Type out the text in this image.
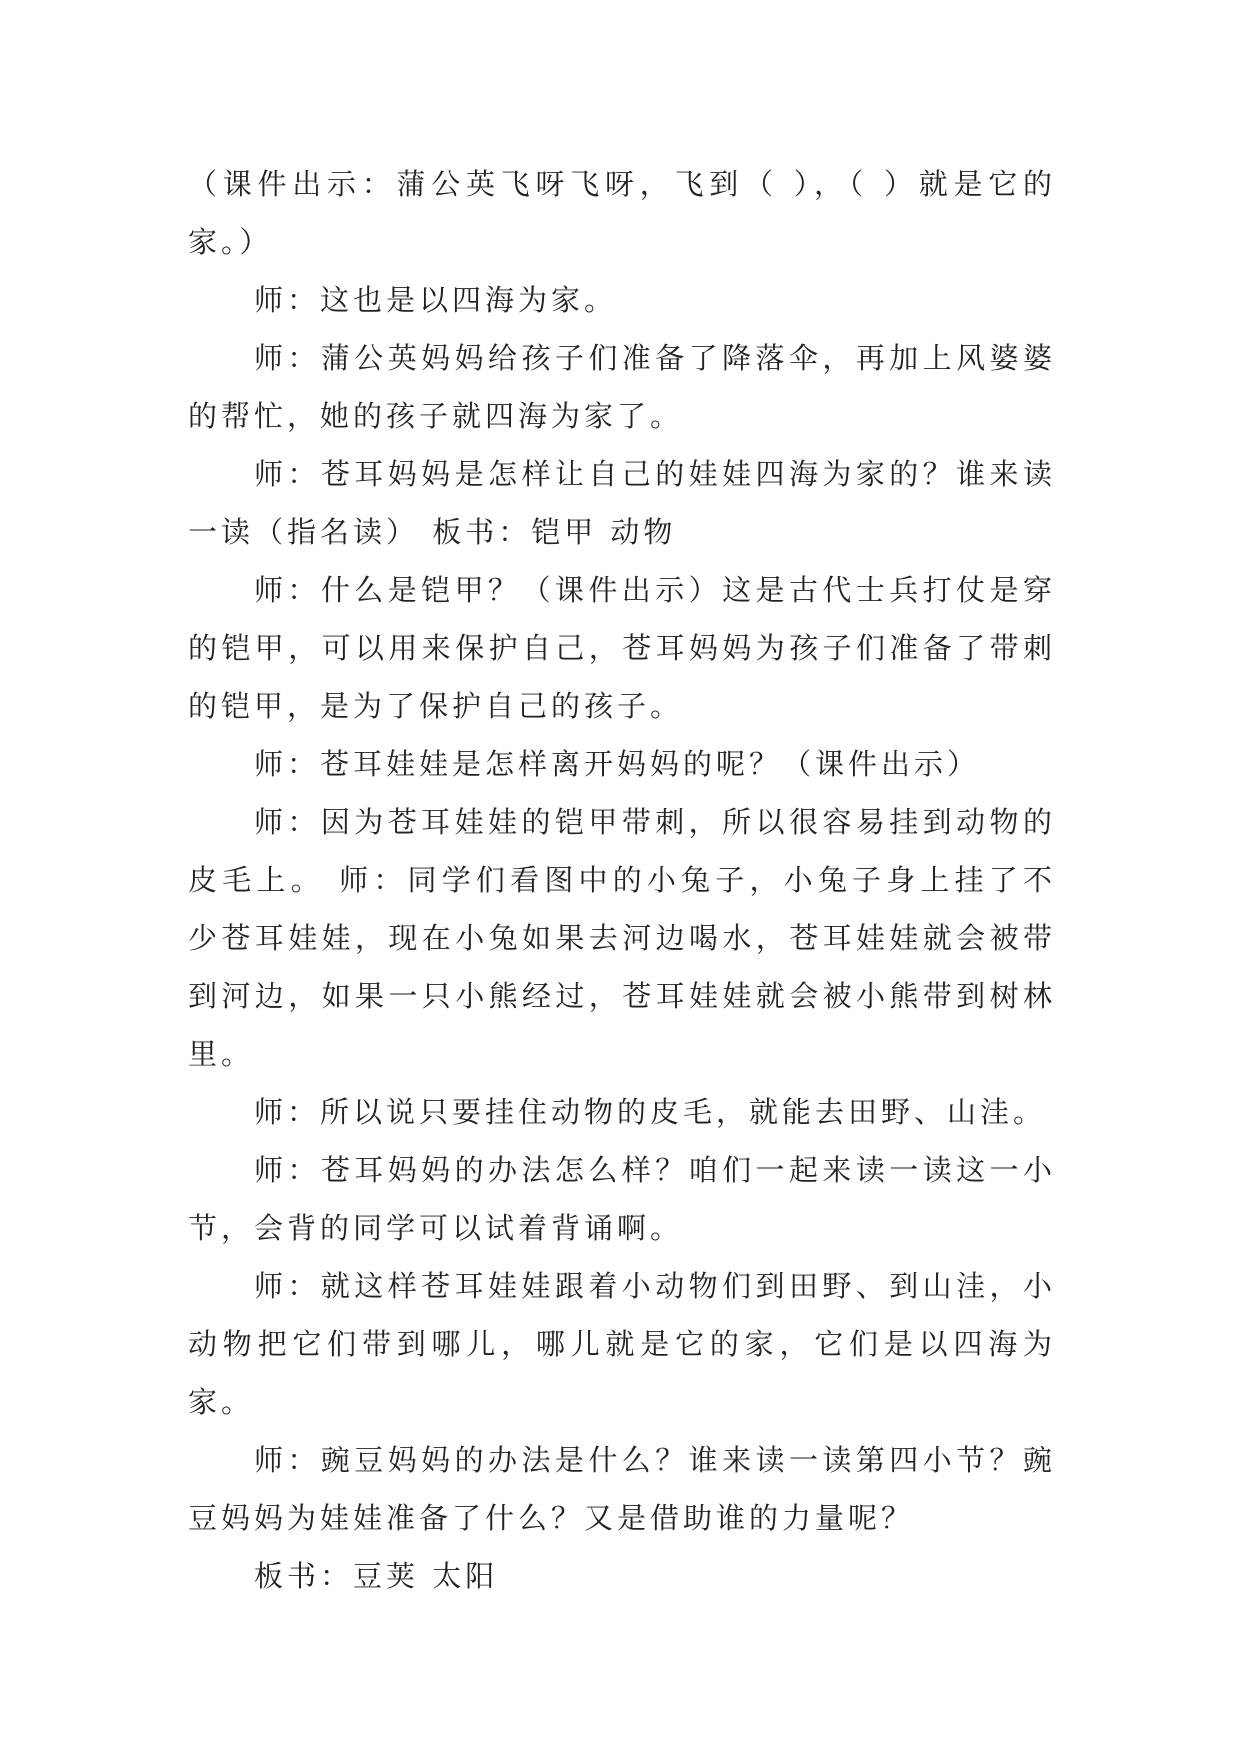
（课件出示：蒲公英飞呀飞呀，飞到（ ），（ ）就是它的家。）

师：这也是以四海为家。

师：蒲公英妈妈给孩子们准备了降落伞，再加上风婆婆的帮忙，她的孩子就四海为家了。

师：苍耳妈妈是怎样让自己的娃娃四海为家的？谁来读一读（指名读） 板书：铠甲 动物

师：什么是铠甲？（课件出示）这是古代士兵打仗是穿的铠甲，可以用来保护自己，苍耳妈妈为孩子们准备了带刺的铠甲，是为了保护自己的孩子。

师：苍耳娃娃是怎样离开妈妈的呢？（课件出示）

师：因为苍耳娃娃的铠甲带刺，所以很容易挂到动物的皮毛上。 师：同学们看图中的小兔子，小兔子身上挂了不少苍耳娃娃，现在小兔如果去河边喝水，苍耳娃娃就会被带到河边，如果一只小熊经过，苍耳娃娃就会被小熊带到树林里。

师：所以说只要挂住动物的皮毛，就能去田野、山洼。

师：苍耳妈妈的办法怎么样？咱们一起来读一读这一小节，会背的同学可以试着背诵啊。

师：就这样苍耳娃娃跟着小动物们到田野、到山洼，小动物把它们带到哪儿，哪儿就是它的家，它们是以四海为家。

师：豌豆妈妈的办法是什么？谁来读一读第四小节？豌豆妈妈为娃娃准备了什么？又是借助谁的力量呢？

板书：豆荚 太阳
